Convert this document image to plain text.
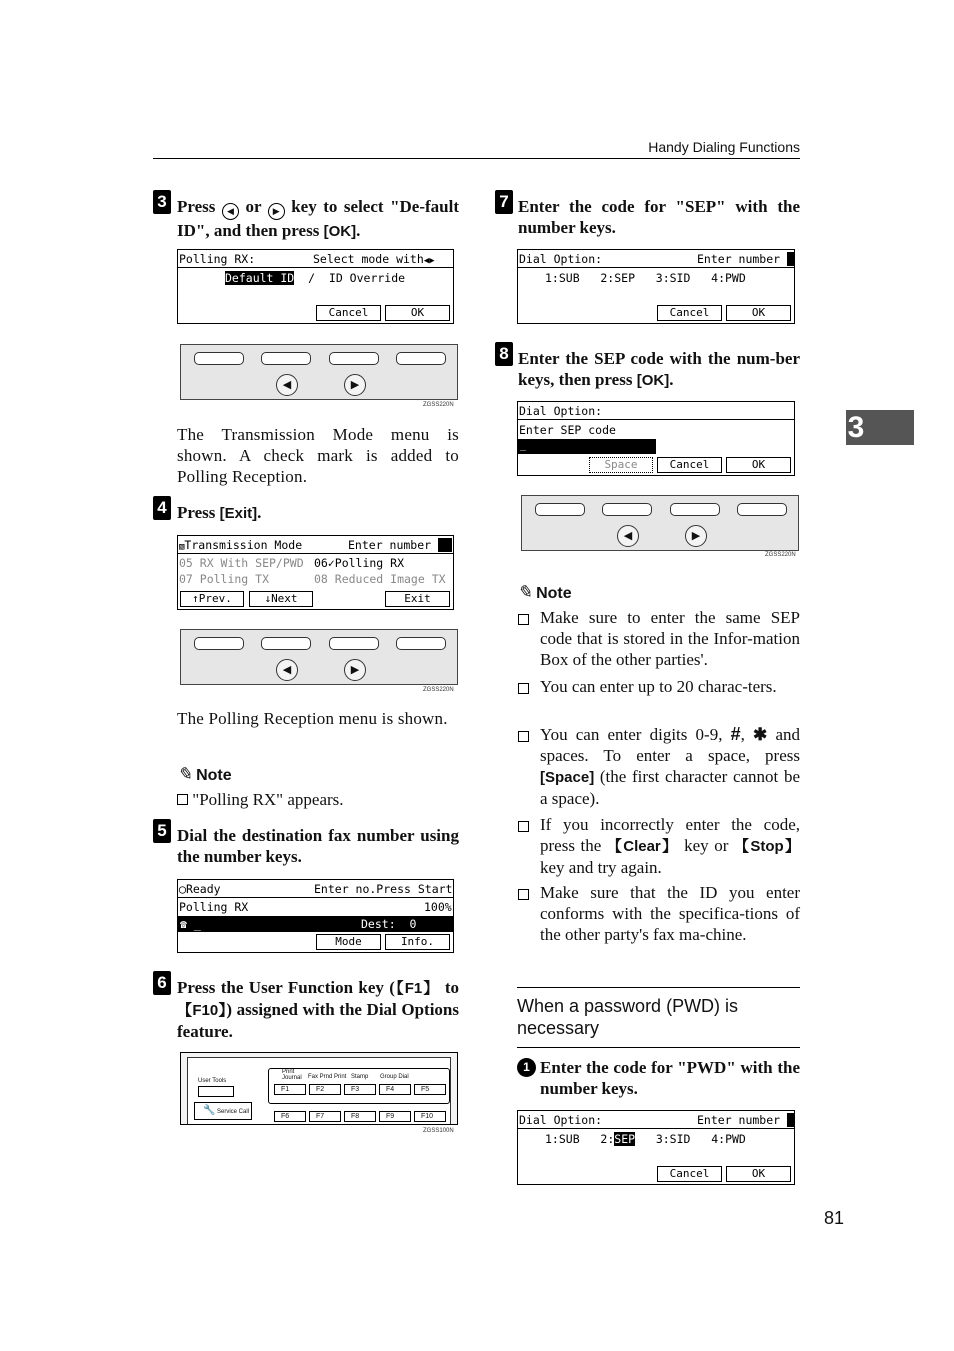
Handy Dialing Functions
3
3 Press ◀ or ▶ key to select "De-fault ID", and then press [OK].
Polling RX:	Select mode with◀▶
Default ID / ID Override
Cancel	OK
◀	▶
ZGSS220N
The Transmission Mode menu is shown. A check mark is added to Polling Reception.
4 Press [Exit].
▧Transmission Mode	Enter number
05 RX With SEP/PWD 06✓Polling RX
07 Polling TX	08 Reduced Image TX
↑Prev.	↓Next	Exit
◀	▶
ZGSS220N
The Polling Reception menu is shown.
✎ Note
"Polling RX" appears.
5 Dial the destination fax number using the number keys.
◯Ready	Enter no.Press Start
Polling RX	100%
☎ _	Dest:  0
Mode	Info.
6 Press the User Function key (【F1】 to 【F10】) assigned with the Dial Options feature.
User Tools
Service Call
🔧
Print Journal	Fax Prnd Print Stamp Group Dial
F1	F2	F3	F4	F5
F6	F7	F8	F9	F10
ZGSS100N
7 Enter the code for "SEP" with the number keys.
Dial Option:	Enter number
1:SUB   2:SEP   3:SID   4:PWD
Cancel	OK
8 Enter the SEP code with the num-ber keys, then press [OK].
Dial Option:
Enter SEP code
_
Space	Cancel	OK
◀	▶
ZGSS220N
✎ Note
Make sure to enter the same SEP code that is stored in the Infor-mation Box of the other parties'.
You can enter up to 20 charac-ters.
You can enter digits 0-9, #, ✱ and spaces. To enter a space, press [Space] (the first character cannot be a space).
If you incorrectly enter the code, press the 【Clear】 key or 【Stop】 key and try again.
Make sure that the ID you enter conforms with the specifica-tions of the other party's fax ma-chine.
When a password (PWD) is necessary
1 Enter the code for "PWD" with the number keys.
Dial Option:	Enter number
1:SUB 2:SEP 3:SID 4:PWD
Cancel	OK
81
